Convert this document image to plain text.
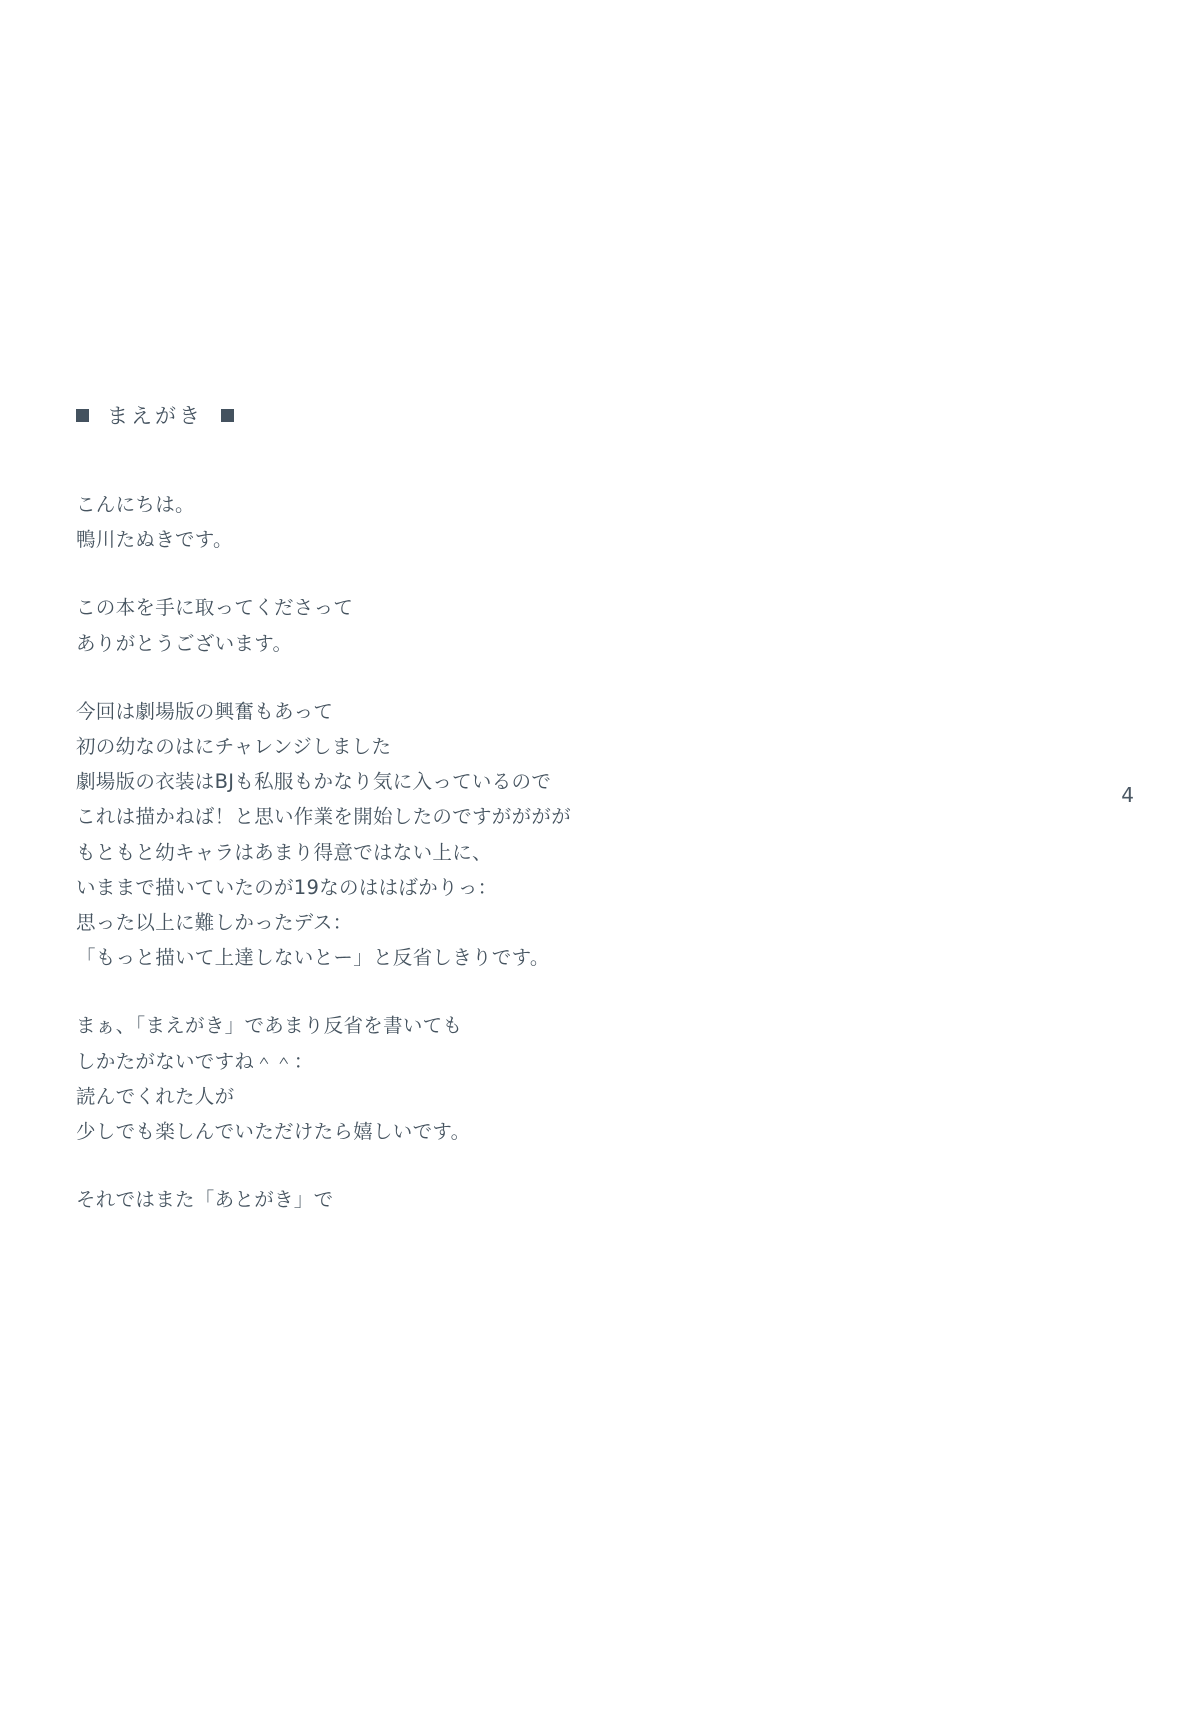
まえがき
こんにちは。
鴨川たぬきです。
この本を手に取ってくださって
ありがとうございます。
今回は劇場版の興奮もあって
初の幼なのはにチャレンジしました
劇場版の衣装はBJも私服もかなり気に入っているので
これは描かねば！と思い作業を開始したのですがががが
もともと幼キャラはあまり得意ではない上に、
いままで描いていたのが19なのははばかりっ：
思った以上に難しかったデス：
「もっと描いて上達しないとー」と反省しきりです。
まぁ、「まえがき」であまり反省を書いても
しかたがないですね＾＾：
読んでくれた人が
少しでも楽しんでいただけたら嬉しいです。
それではまた「あとがき」で
4
